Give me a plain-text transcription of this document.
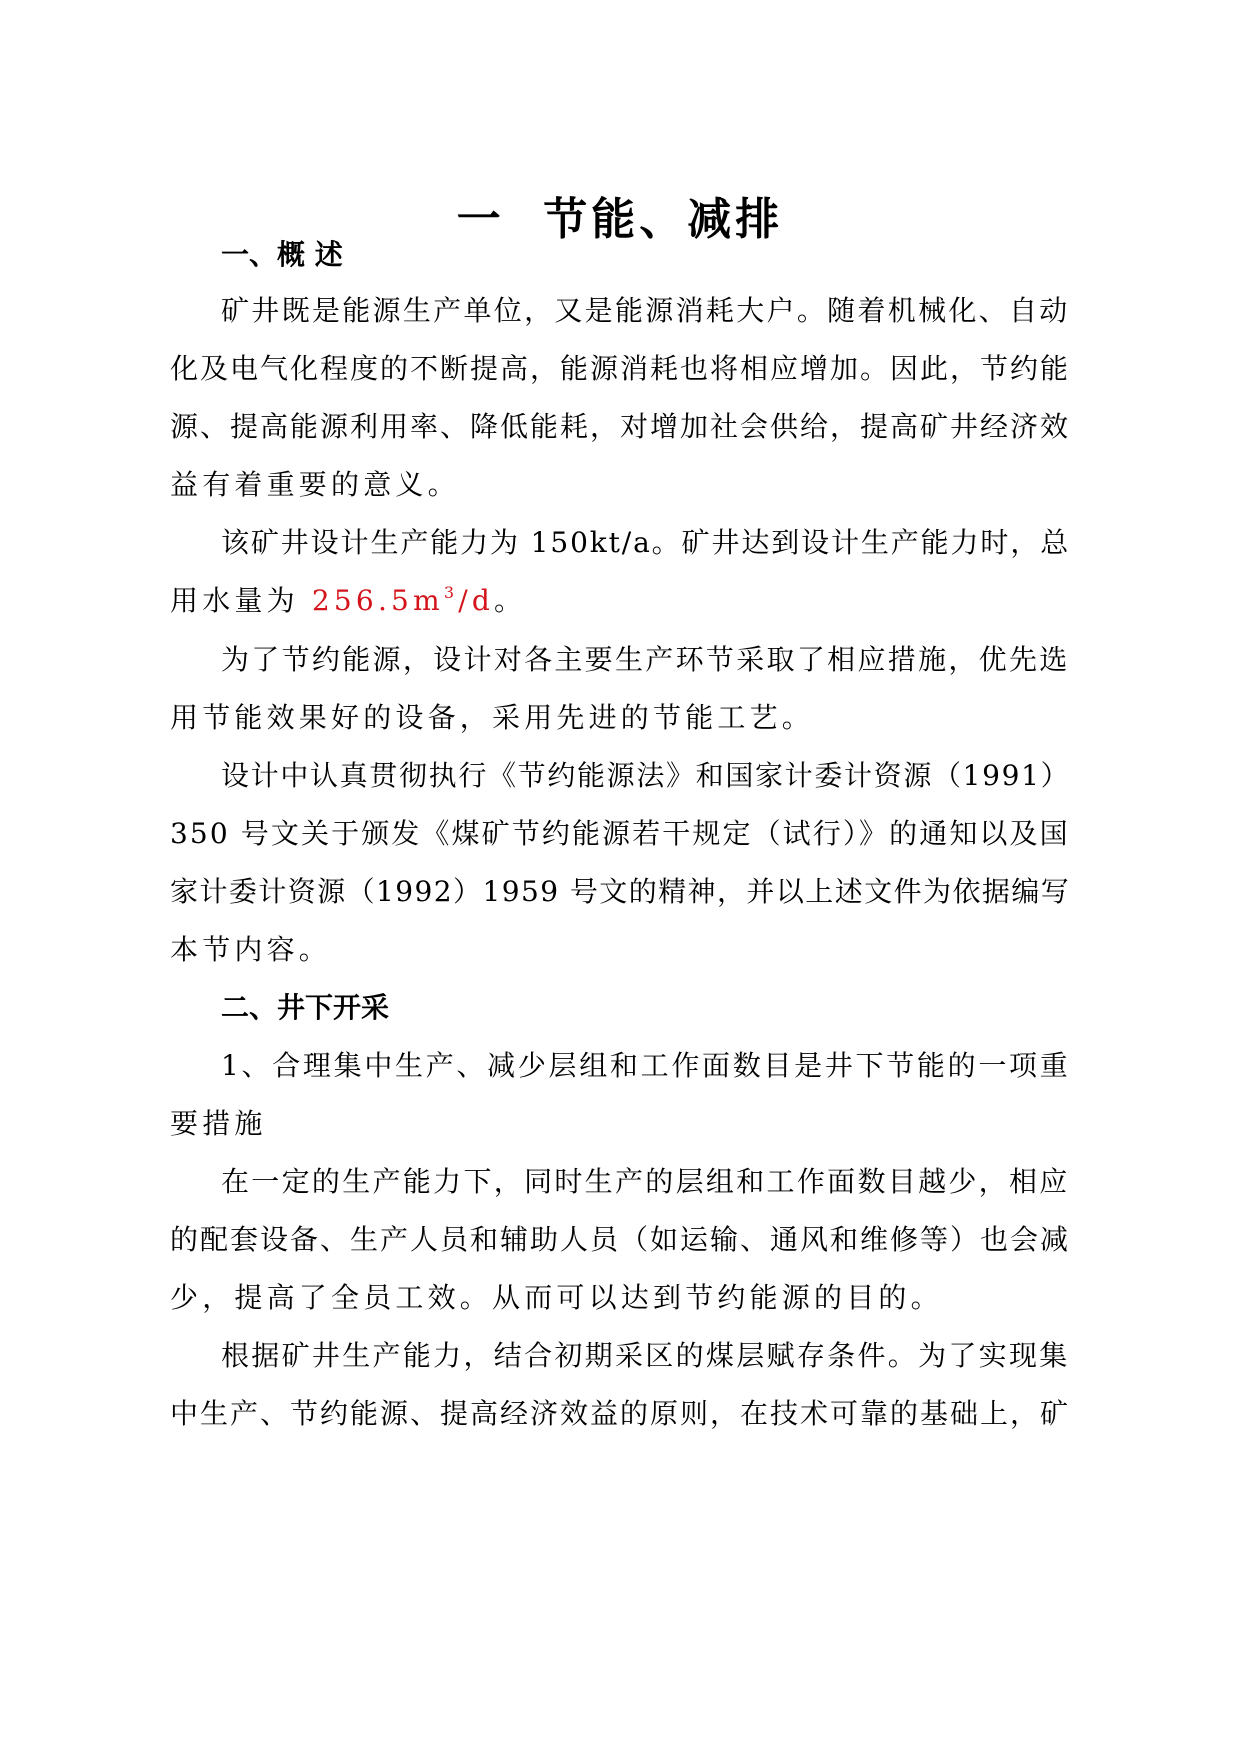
一  节能、减排
一、概 述
矿井既是能源生产单位，又是能源消耗大户。随着机械化、自动
化及电气化程度的不断提高，能源消耗也将相应增加。因此，节约能
源、提高能源利用率、降低能耗，对增加社会供给，提高矿井经济效
益有着重要的意义。
该矿井设计生产能力为 150kt/a。矿井达到设计生产能力时，总
用水量为 $256.5m^3/d$。
为了节约能源，设计对各主要生产环节采取了相应措施，优先选
用节能效果好的设备，采用先进的节能工艺。
设计中认真贯彻执行《节约能源法》和国家计委计资源（1991）
350 号文关于颁发《煤矿节约能源若干规定（试行）》的通知以及国
家计委计资源（1992）1959 号文的精神，并以上述文件为依据编写
本节内容。
二、井下开采
1、合理集中生产、减少层组和工作面数目是井下节能的一项重
要措施
在一定的生产能力下，同时生产的层组和工作面数目越少，相应
的配套设备、生产人员和辅助人员（如运输、通风和维修等）也会减
少，提高了全员工效。从而可以达到节约能源的目的。
根据矿井生产能力，结合初期采区的煤层赋存条件。为了实现集
中生产、节约能源、提高经济效益的原则，在技术可靠的基础上，矿
